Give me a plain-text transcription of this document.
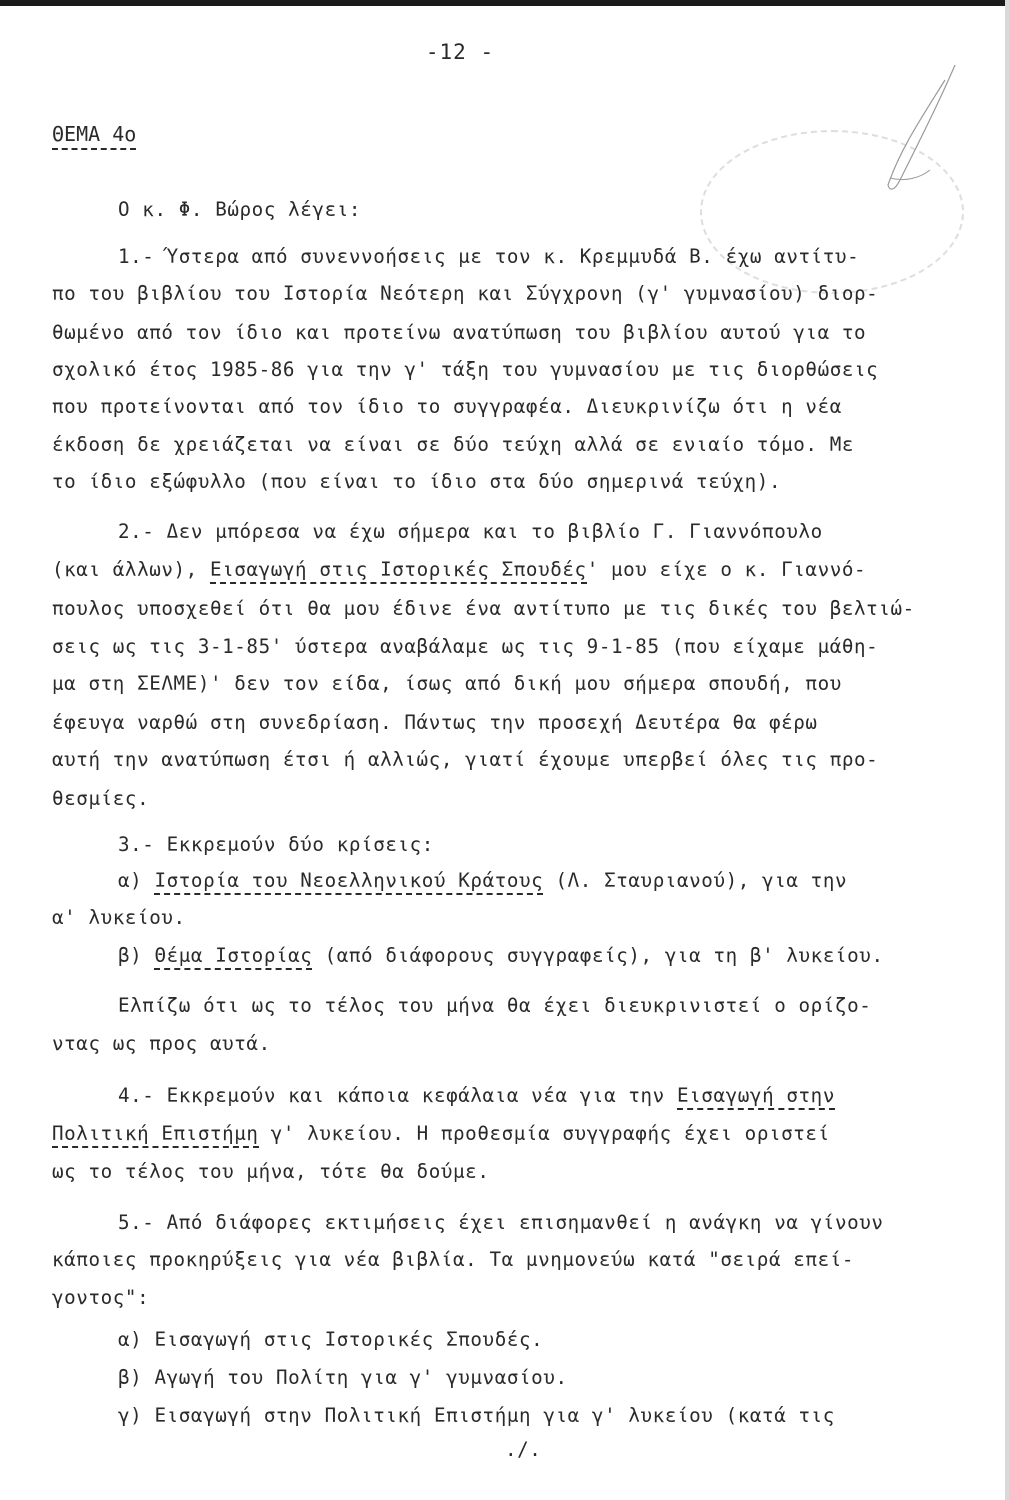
-12 -
ΘΕΜΑ 4ο
Ο κ. Φ. Βώρος λέγει:
1.- Ύστερα από συνεννοήσεις με τον κ. Κρεμμυδά Β. έχω αντίτυ-
πο του βιβλίου του Ιστορία Νεότερη και Σύγχρονη (γ' γυμνασίου) διορ-
θωμένο από τον ίδιο και προτείνω ανατύπωση του βιβλίου αυτού για το
σχολικό έτος 1985-86 για την γ' τάξη του γυμνασίου με τις διορθώσεις
που προτείνονται από τον ίδιο το συγγραφέα. Διευκρινίζω ότι η νέα
έκδοση δε χρειάζεται να είναι σε δύο τεύχη αλλά σε ενιαίο τόμο. Με
το ίδιο εξώφυλλο (που είναι το ίδιο στα δύο σημερινά τεύχη).
2.- Δεν μπόρεσα να έχω σήμερα και το βιβλίο Γ. Γιαννόπουλο
(και άλλων), Εισαγωγή στις Ιστορικές Σπουδές' μου είχε ο κ. Γιαννό-
πουλος υποσχεθεί ότι θα μου έδινε ένα αντίτυπο με τις δικές του βελτιώ-
σεις ως τις 3-1-85' ύστερα αναβάλαμε ως τις 9-1-85 (που είχαμε μάθη-
μα στη ΣΕΛΜΕ)' δεν τον είδα, ίσως από δική μου σήμερα σπουδή, που
έφευγα ναρθώ στη συνεδρίαση. Πάντως την προσεχή Δευτέρα θα φέρω
αυτή την ανατύπωση έτσι ή αλλιώς, γιατί έχουμε υπερβεί όλες τις προ-
θεσμίες.
3.- Εκκρεμούν δύο κρίσεις:
α) Ιστορία του Νεοελληνικού Κράτους (Λ. Σταυριανού), για την
α' λυκείου.
β) Θέμα Ιστορίας (από διάφορους συγγραφείς), για τη β' λυκείου.
Ελπίζω ότι ως το τέλος του μήνα θα έχει διευκρινιστεί ο ορίζο-
ντας ως προς αυτά.
4.- Εκκρεμούν και κάποια κεφάλαια νέα για την Εισαγωγή στην
Πολιτική Επιστήμη γ' λυκείου. Η προθεσμία συγγραφής έχει οριστεί
ως το τέλος του μήνα, τότε θα δούμε.
5.- Από διάφορες εκτιμήσεις έχει επισημανθεί η ανάγκη να γίνουν
κάποιες προκηρύξεις για νέα βιβλία. Τα μνημονεύω κατά "σειρά επεί-
γοντος":
α) Εισαγωγή στις Ιστορικές Σπουδές.
β) Αγωγή του Πολίτη για γ' γυμνασίου.
γ) Εισαγωγή στην Πολιτική Επιστήμη για γ' λυκείου (κατά τις
./.
